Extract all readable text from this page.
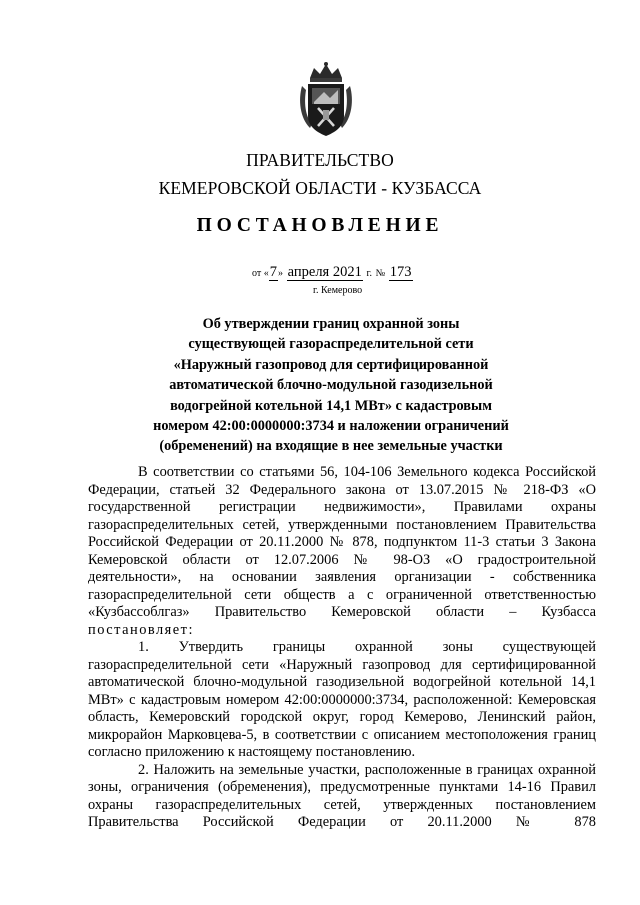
ПРАВИТЕЛЬСТВО
КЕМЕРОВСКОЙ ОБЛАСТИ - КУЗБАССА
ПОСТАНОВЛЕНИЕ
от «7» апреля 2021 г. № 173
г. Кемерово
Об утверждении границ охранной зоны
существующей газораспределительной сети
«Наружный газопровод для сертифицированной
автоматической блочно-модульной газодизельной
водогрейной котельной 14,1 МВт» с кадастровым
номером 42:00:0000000:3734 и наложении ограничений
(обременений) на входящие в нее земельные участки

В соответствии со статьями 56, 104-106 Земельного кодекса Российской Федерации, статьей 32 Федерального закона от 13.07.2015 № 218-ФЗ «О государственной регистрации недвижимости», Правилами охраны газораспределительных сетей, утвержденными постановлением Правительства Российской Федерации от 20.11.2000 № 878, подпунктом 11-3 статьи 3 Закона Кемеровской области от 12.07.2006 № 98-ОЗ «О градостроительной деятельности», на основании заявления организации - собственника газораспределительной сети обществ а с ограниченной ответственностью «Кузбассоблгаз» Правительство Кемеровской области – Кузбасса постановляет:

1. Утвердить границы охранной зоны существующей газораспределительной сети «Наружный газопровод для сертифицированной автоматической блочно-модульной газодизельной водогрейной котельной 14,1 МВт» с кадастровым номером 42:00:0000000:3734, расположенной: Кемеровская область, Кемеровский городской округ, город Кемерово, Ленинский район, микрорайон Марковцева-5, в соответствии с описанием местоположения границ согласно приложению к настоящему постановлению.

2. Наложить на земельные участки, расположенные в границах охранной зоны, ограничения (обременения), предусмотренные пунктами 14-16 Правил охраны газораспределительных сетей, утвержденных постановлением Правительства Российской Федерации от 20.11.2000 № 878
